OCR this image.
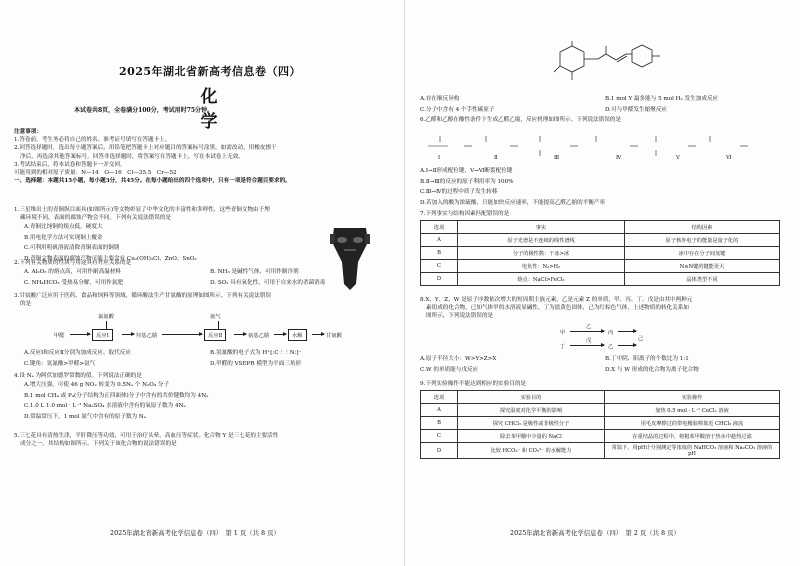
2025年湖北省新高考信息卷（四）
化　学
本试卷共8页，全卷满分100分，考试用时75分钟。
注意事项：
1.答卷前，考生务必将自己的姓名、准考证号填写在答题卡上。
2.回答选择题时，选出每小题答案后，用铅笔把答题卡上对应题目的答案标号涂黑。如需改动，用橡皮擦干
净后，再选涂其他答案标号。回答非选择题时，将答案写在答题卡上，写在本试卷上无效。
3.考试结束后，将本试卷和答题卡一并交回。
可能用到的相对原子质量：N—14　O—16　Cl—35.5　Cr—52
一、选择题：本题共15小题，每小题3分，共45分。在每小题给出的四个选项中，只有一项是符合题目要求的。
1.三星堆出土的青铜纵目面具(如图所示)等文物彰显了中华文化的丰富性和多样性，这些青铜文物由于埋
藏环境不同，表面的腐蚀产物会不同。下列有关说法错误的是
A.青铜比纯铜的熔点低，硬度大
B.用电化学方法可实现铜上覆金
C.可利用明矾溶液清除青铜表面的铜锈
D.青铜文物表面的腐蚀产物可能主要含有 Cu₂(OH)₃Cl、ZnO、SnO₂
2.下列有关物质的性质与用途具有对应关系的是
A. Al₂O₃ 的熔点高，可用作耐高温材料	B. NH₃ 是碱性气体，可用作制冷剂
C. NH₄HCO₃ 受热易分解，可用作氮肥	D. SO₂ 具有氧化性，可用于自来水的杀菌消毒
3.甘氨酸广泛应用于医药、食品和饲料等领域，循环酸法生产甘氨酸的原理如图所示。下列有关说法错误
的是
氯氨酸	氨气
甲醛	反应Ⅰ	羟基乙腈	反应Ⅱ	氨基乙腈	水解	甘氨酸
A.反应Ⅰ和反应Ⅱ分别为加成反应、取代反应	B.氢氰酸的电子式为 H⁺[:C⋮⋮N:]⁻
C.键角：氢氰酸>甲醛>氨气	D.甲醛的 VSEPR 模型为平面三角形
4.设 Nₐ 为阿伏加德罗常数的值。下列说法正确的是
A.增大压强，可使 46 g NO₂ 转变为 0.5Nₐ 个 N₂O₄ 分子
B.1 mol CH₄ 或 P₄(分子结构为正四面体)分子中含有的共价键数均为 4Nₐ
C.1.0 L 1.0 mol · L⁻¹ Na₂SO₄ 水溶液中含有的氧原子数为 4Nₐ
D.常温常压下，1 mol 氮气中含有的原子数为 Nₐ
5.三七花具有清热生津，平肝降压等功效，可用于治疗头晕、高血压等症状。化合物 Y 是三七花的主要活性
成分之一，其结构如图所示。下列关于该化合物的说法错误的是
2025年湖北省新高考化学信息卷（四）　第 1 页（共 8 页）
A.存在顺反异构	B.1 mol Y 最多能与 5 mol H₂ 发生加成反应
C.分子中含有 4 个手性碳原子	D.可与甲醛发生缩聚反应
6.乙醛和乙醇在酸性条件下生成乙醛乙缩，反应机理如图所示。下列说法错误的是
Ⅰ	Ⅱ	Ⅲ	Ⅳ	Ⅴ	Ⅵ
A.Ⅰ→Ⅱ形成配位键，Ⅴ→Ⅵ断裂配位键
B.Ⅱ→Ⅲ的反应的原子利用率为 100%
C.Ⅲ→Ⅳ的过程中质子发生转移
D.若加入的酸为浓硫酸，只能加快反应速率，不能提高乙醛乙缩的平衡产率
7.下列事实与结构因素匹配错误的是
选项	事实	结构因素
A	原子光谱是不连续的线性谱线	原子核外电子的能量是量子化的
B	分子的极性数：干冰>冰	冰中存在分子间氢键
C	电负性：N₂>H₂	N≡N键的键能更大
D	熔点：NaCl>FeCl₃	晶体类型不同
8.X、Y、Z、W 是原子序数依次增大的短周期主族元素，乙是元素 Z 的单质，甲、丙、丁、戊是由其中两种元
素组成的化合物，已知气体甲的水溶液显碱性，丁为淡黄色固体，己为红棕色气体，上述物质的转化关系如
图所示，下列说法错误的是
甲
乙
丙
己
丁
戊
乙
A.原子半径大小：W>Y>Z>X	B.丁中阴、阳离子的个数比为 1:1
C.W 的单质能与戊反应	D.X 与 W 形成的化合物为离子化合物
9.下列实验操作不能达到相应的实验目的是
选项	实验目的	实验操作
A	探究温度对化学平衡的影响	加热 0.5 mol · L⁻¹ CuCl₂ 溶液
B	探究 CHCl₃ 是极性或非极性分子	用毛皮摩擦过的带电橡胶棒靠近 CHCl₃ 液流
C	除去苯甲酸中少量的 NaCl	在重结晶的过程中，将粗苯甲酸溶于热水中趁热过滤
D	比较 HCO₃⁻ 和 CO₃²⁻ 的水解能力	常温下，用pH计分别测定等浓度的 NaHCO₃ 溶液和 Na₂CO₃ 溶液的 pH
2025年湖北省新高考化学信息卷（四）　第 2 页（共 8 页）
